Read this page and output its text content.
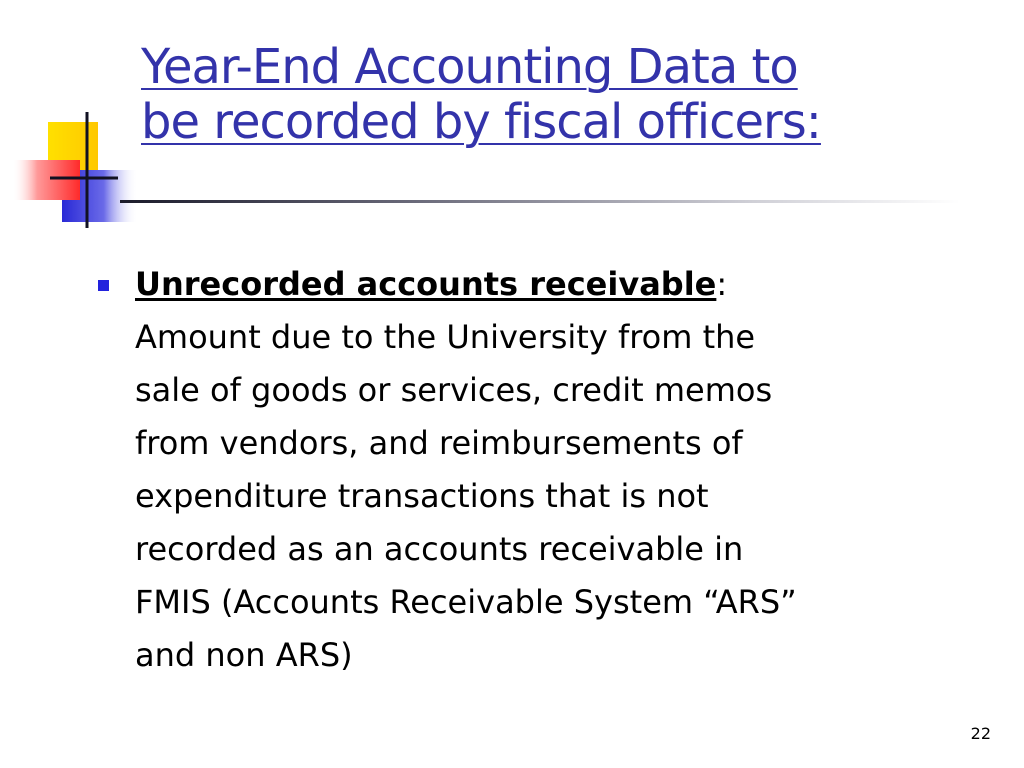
Year-End Accounting Data to
be recorded by fiscal officers:
Unrecorded accounts receivable:
Amount due to the University from the
sale of goods or services, credit memos
from vendors, and reimbursements of
expenditure transactions that is not
recorded as an accounts receivable in
FMIS (Accounts Receivable System “ARS”
and non ARS)
22
